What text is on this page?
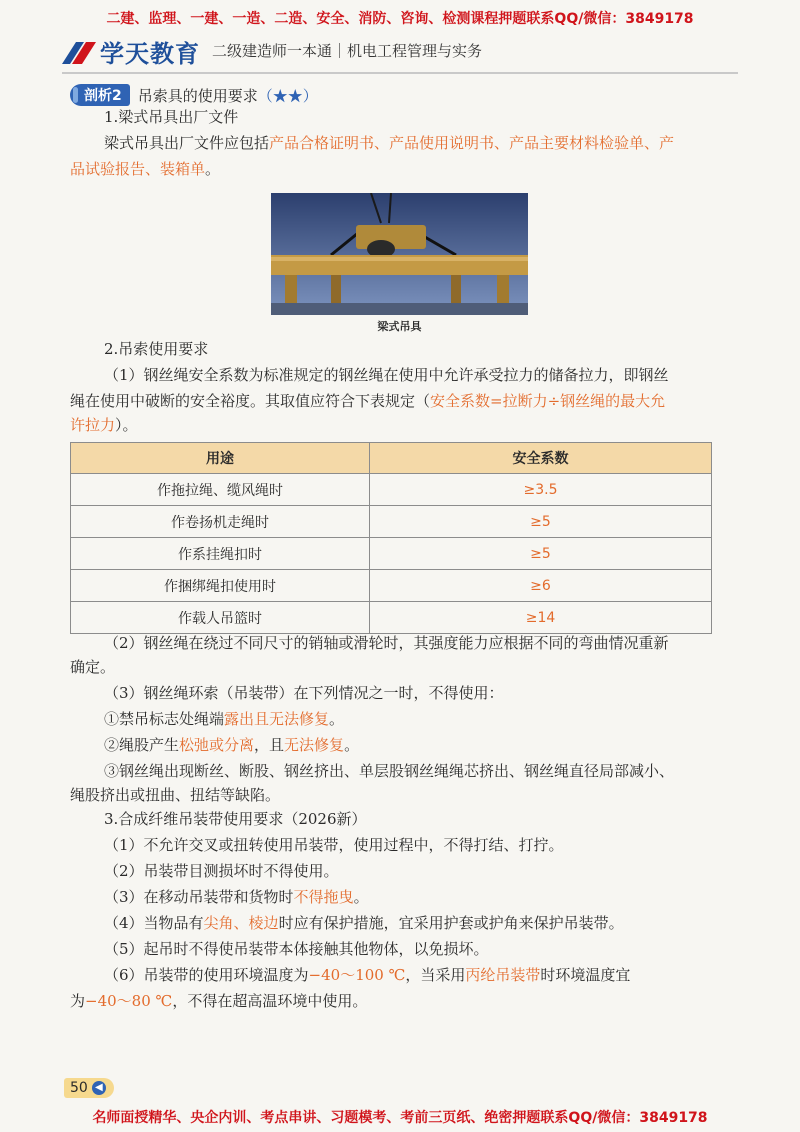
二建、监理、一建、一造、二造、安全、消防、咨询、检测课程押题联系QQ/微信：3849178
学天教育 二级建造师一本通｜机电工程管理与实务
剖析2	吊索具的使用要求（★★）
1.梁式吊具出厂文件
梁式吊具出厂文件应包括产品合格证明书、产品使用说明书、产品主要材料检验单、产
品试验报告、装箱单。
梁式吊具
2.吊索使用要求
（1）钢丝绳安全系数为标准规定的钢丝绳在使用中允许承受拉力的储备拉力，即钢丝
绳在使用中破断的安全裕度。其取值应符合下表规定（安全系数=拉断力÷钢丝绳的最大允
许拉力）。
用途	安全系数
作拖拉绳、缆风绳时	≥3.5
作卷扬机走绳时	≥5
作系挂绳扣时	≥5
作捆绑绳扣使用时	≥6
作载人吊篮时	≥14
（2）钢丝绳在绕过不同尺寸的销轴或滑轮时，其强度能力应根据不同的弯曲情况重新
确定。
（3）钢丝绳环索（吊装带）在下列情况之一时，不得使用：
①禁吊标志处绳端露出且无法修复。
②绳股产生松弛或分离，且无法修复。
③钢丝绳出现断丝、断股、钢丝挤出、单层股钢丝绳绳芯挤出、钢丝绳直径局部减小、
绳股挤出或扭曲、扭结等缺陷。
3.合成纤维吊装带使用要求（2026新）
（1）不允许交叉或扭转使用吊装带，使用过程中，不得打结、打拧。
（2）吊装带目测损坏时不得使用。
（3）在移动吊装带和货物时不得拖曳。
（4）当物品有尖角、棱边时应有保护措施，宜采用护套或护角来保护吊装带。
（5）起吊时不得使吊装带本体接触其他物体，以免损坏。
（6）吊装带的使用环境温度为−40～100 ℃，当采用丙纶吊装带时环境温度宜
为−40～80 ℃，不得在超高温环境中使用。
50 ◀
名师面授精华、央企内训、考点串讲、习题模考、考前三页纸、绝密押题联系QQ/微信：3849178
